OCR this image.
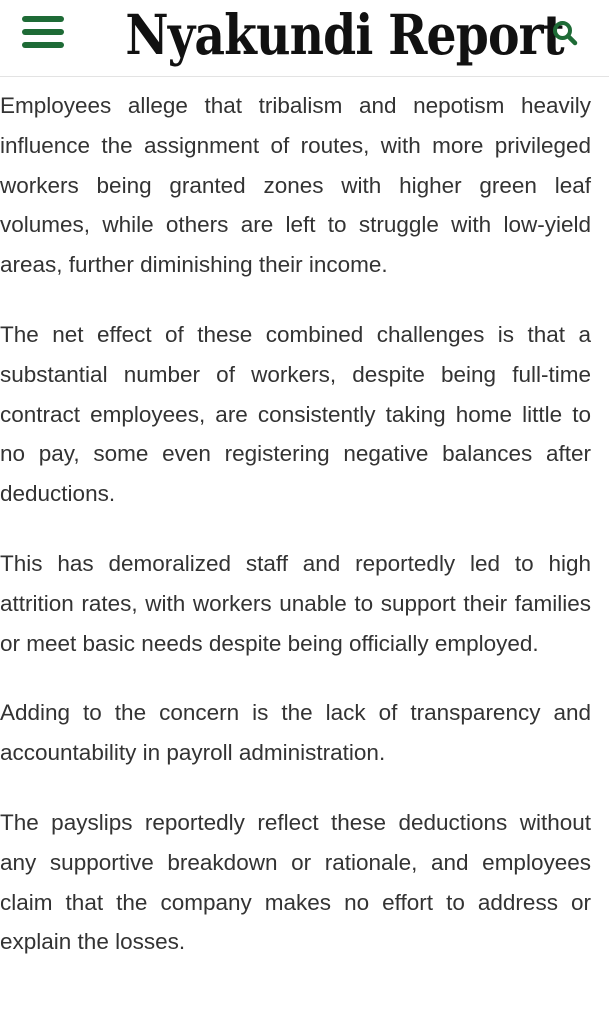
Nyakundi Report

Employees allege that tribalism and nepotism heavily influence the assignment of routes, with more privileged workers being granted zones with higher green leaf volumes, while others are left to struggle with low-yield areas, further diminishing their income.

The net effect of these combined challenges is that a substantial number of workers, despite being full-time contract employees, are consistently taking home little to no pay, some even registering negative balances after deductions.

This has demoralized staff and reportedly led to high attrition rates, with workers unable to support their families or meet basic needs despite being officially employed.

Adding to the concern is the lack of transparency and accountability in payroll administration.

The payslips reportedly reflect these deductions without any supportive breakdown or rationale, and employees claim that the company makes no effort to address or explain the losses.
